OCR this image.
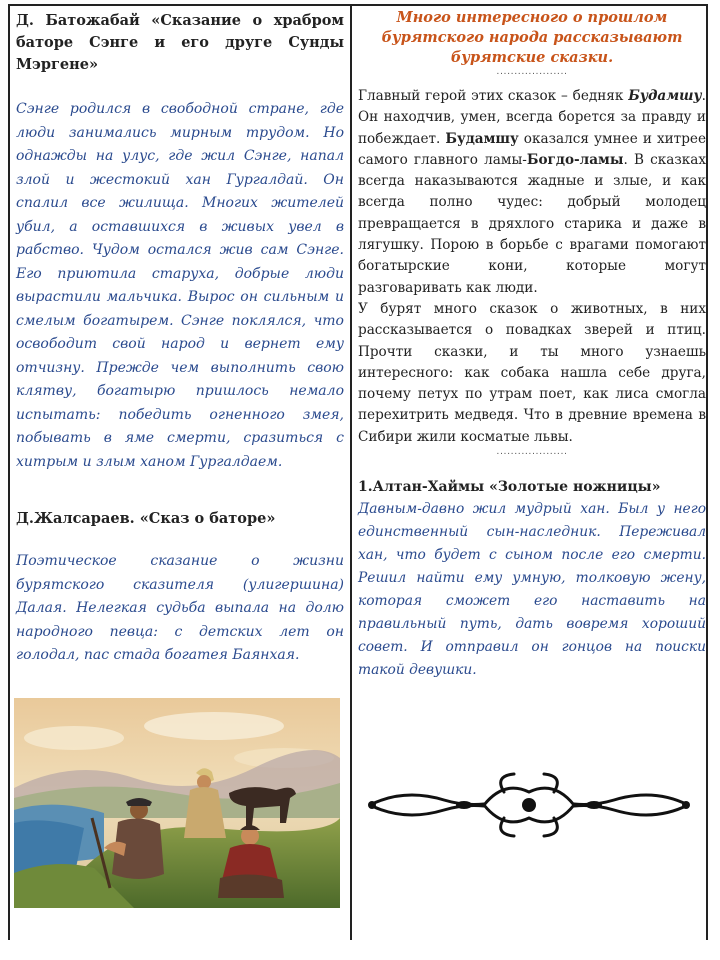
Д. Батожабай «Сказание о храбром баторе Сэнге и его друге Сунды Мэргене»

Сэнге родился в свободной стране, где люди занимались мирным трудом. Но однажды на улус, где жил Сэнге, напал злой и жестокий хан Гургалдай. Он спалил все жилища. Многих жителей убил, а оставшихся в живых увел в рабство. Чудом остался жив сам Сэнге. Его приютила старуха, добрые люди вырастили мальчика. Вырос он сильным и смелым богатырем. Сэнге поклялся, что освободит свой народ и вернет ему отчизну. Прежде чем выполнить свою клятву, богатырю пришлось немало испытать: победить огненного змея, побывать в яме смерти, сразиться с хитрым и злым ханом Гургалдаем.

Д.Жалсараев. «Сказ о баторе»

Поэтическое сказание о жизни бурятского сказителя (улигершина) Далая. Нелегкая судьба выпала на долю народного певца: с детских лет он голодал, пас стада богатея Баянхая.

Много интересного о прошлом бурятского народа рассказывают бурятские сказки.

ᐧᐧᐧᐧᐧᐧᐧᐧᐧᐧᐧᐧᐧᐧᐧᐧᐧᐧᐧᐧ

Главный герой этих сказок – бедняк Будамшу. Он находчив, умен, всегда борется за правду и побеждает. Будамшу оказался умнее и хитрее самого главного ламы-Богдо-ламы. В сказках всегда наказываются жадные и злые, и как всегда полно чудес: добрый молодец превращается в дряхлого старика и даже в лягушку. Порою в борьбе с врагами помогают богатырские кони, которые могут разговаривать как люди.

У бурят много сказок о животных, в них рассказывается о повадках зверей и птиц. Прочти сказки, и ты много узнаешь интересного: как собака нашла себе друга, почему петух по утрам поет, как лиса смогла перехитрить медведя. Что в древние времена в Сибири жили косматые львы.

ᐧᐧᐧᐧᐧᐧᐧᐧᐧᐧᐧᐧᐧᐧᐧᐧᐧᐧᐧᐧ

1.Алтан-Хаймы «Золотые ножницы»

Давным-давно жил мудрый хан. Был у него единственный сын-наследник. Переживал хан, что будет с сыном после его смерти. Решил найти ему умную, толковую жену, которая сможет его наставить на правильный путь, дать вовремя хороший совет. И отправил он гонцов на поиски такой девушки.
